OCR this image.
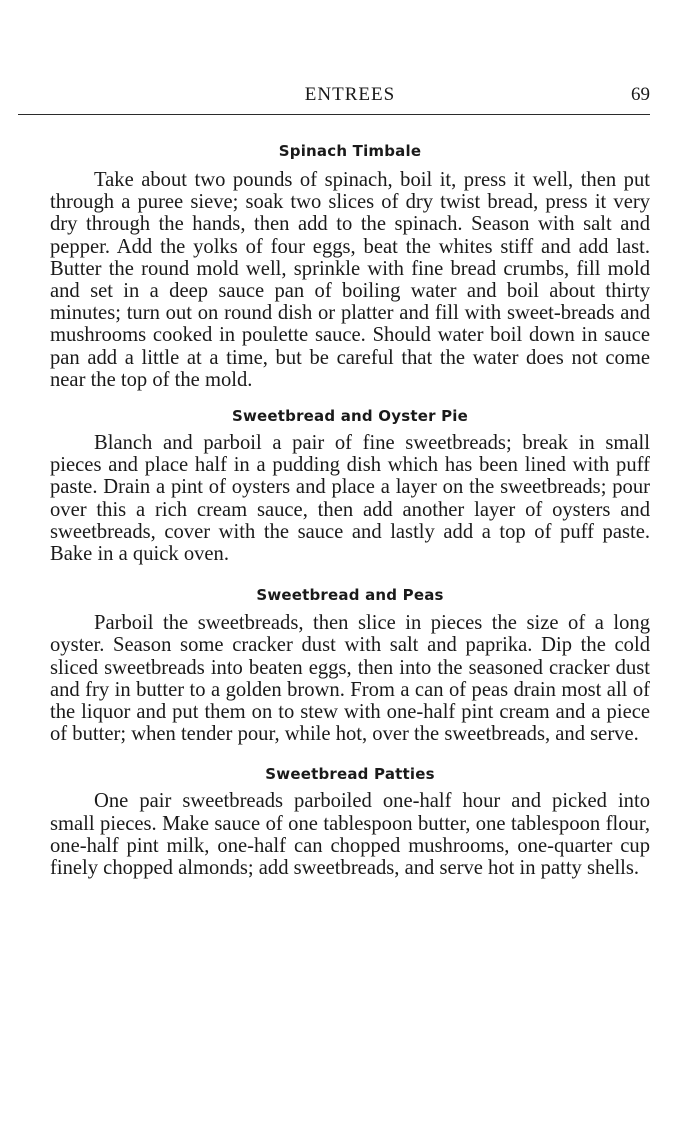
ENTREES	69
Spinach Timbale

Take about two pounds of spinach, boil it, press it well, then put through a puree sieve; soak two slices of dry twist bread, press it very dry through the hands, then add to the spinach. Season with salt and pepper. Add the yolks of four eggs, beat the whites stiff and add last. Butter the round mold well, sprinkle with fine bread crumbs, fill mold and set in a deep sauce pan of boiling water and boil about thirty minutes; turn out on round dish or platter and fill with sweet-breads and mushrooms cooked in poulette sauce. Should water boil down in sauce pan add a little at a time, but be careful that the water does not come near the top of the mold.

Sweetbread and Oyster Pie

Blanch and parboil a pair of fine sweetbreads; break in small pieces and place half in a pudding dish which has been lined with puff paste. Drain a pint of oysters and place a layer on the sweetbreads; pour over this a rich cream sauce, then add another layer of oysters and sweetbreads, cover with the sauce and lastly add a top of puff paste. Bake in a quick oven.

Sweetbread and Peas

Parboil the sweetbreads, then slice in pieces the size of a long oyster. Season some cracker dust with salt and paprika. Dip the cold sliced sweetbreads into beaten eggs, then into the seasoned cracker dust and fry in butter to a golden brown. From a can of peas drain most all of the liquor and put them on to stew with one-half pint cream and a piece of butter; when tender pour, while hot, over the sweetbreads, and serve.

Sweetbread Patties

One pair sweetbreads parboiled one-half hour and picked into small pieces. Make sauce of one tablespoon butter, one tablespoon flour, one-half pint milk, one-half can chopped mushrooms, one-quarter cup finely chopped almonds; add sweetbreads, and serve hot in patty shells.
